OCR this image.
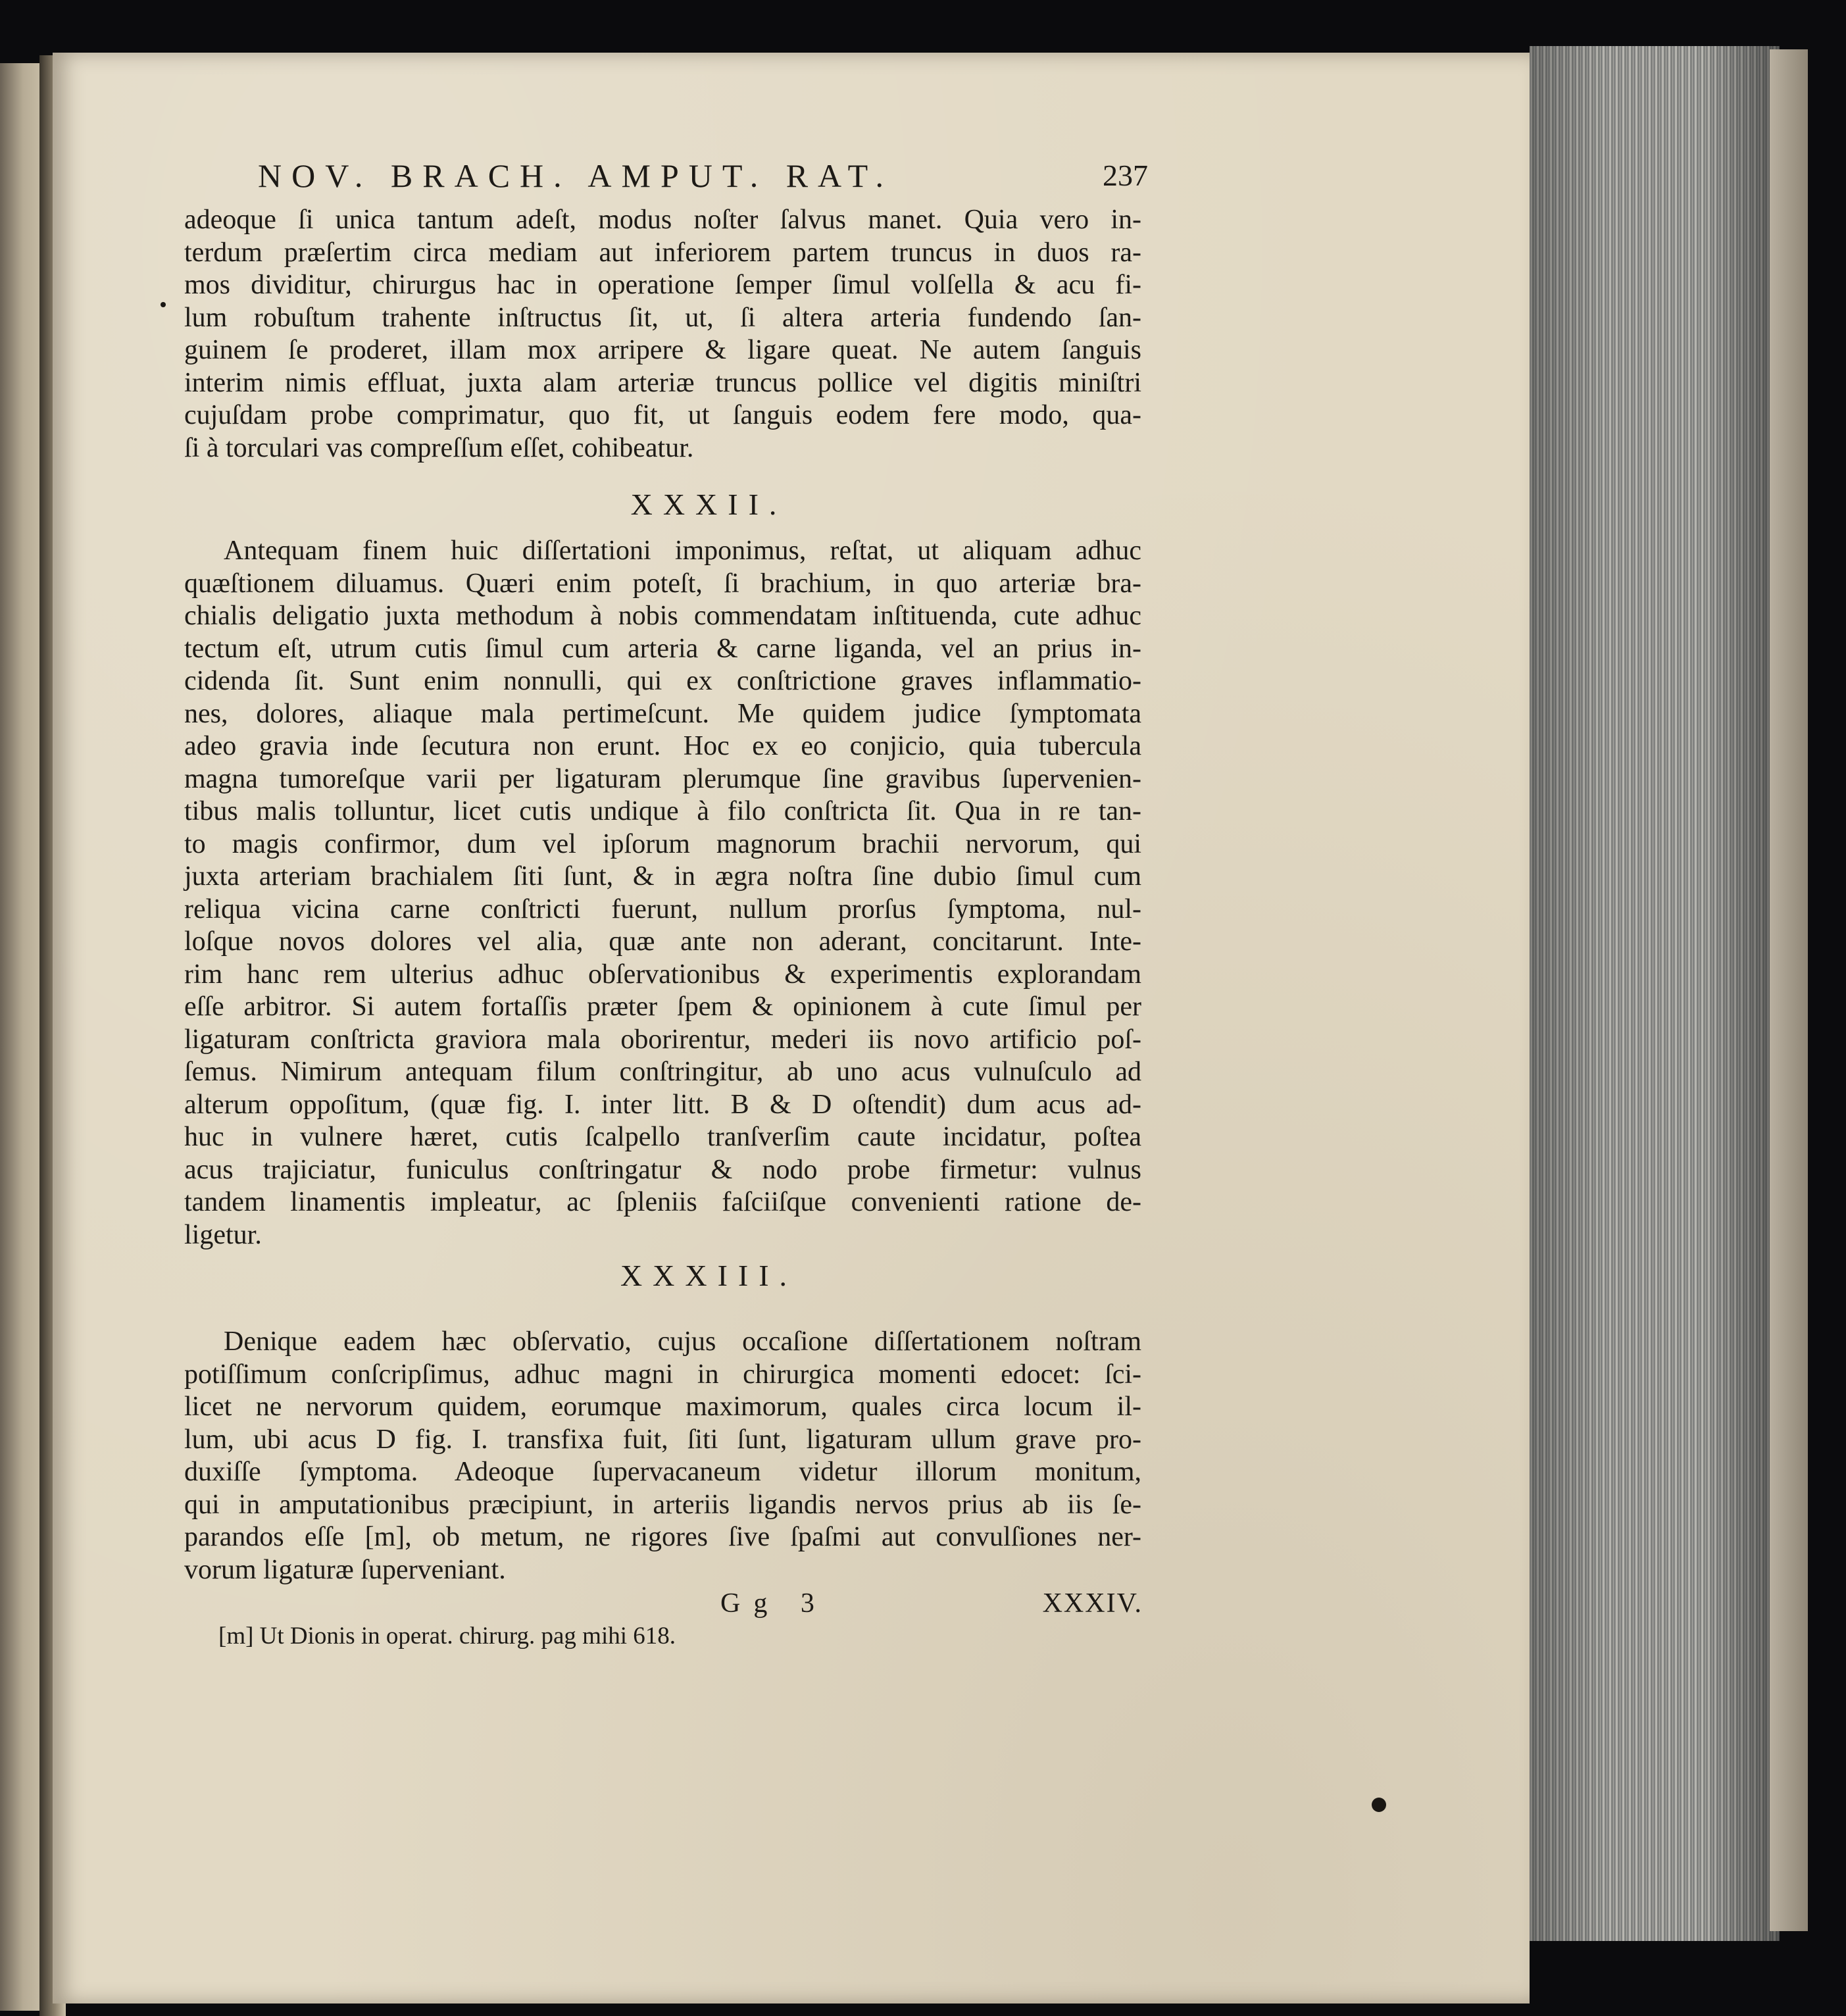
NOV. BRACH. AMPUT. RAT.	237
adeoque ſi unica tantum adeſt, modus noſter ſalvus manet. Quia vero in-
terdum præſertim circa mediam aut inferiorem partem truncus in duos ra-
mos dividitur, chirurgus hac in operatione ſemper ſimul volſella & acu fi-
lum robuſtum trahente inſtructus ſit, ut, ſi altera arteria fundendo ſan-
guinem ſe proderet, illam mox arripere & ligare queat. Ne autem ſanguis
interim nimis effluat, juxta alam arteriæ truncus pollice vel digitis miniſtri
cujuſdam probe comprimatur, quo fit, ut ſanguis eodem fere modo, qua-
ſi à torculari vas compreſſum eſſet, cohibeatur.
XXXII.
Antequam finem huic diſſertationi imponimus, reſtat, ut aliquam adhuc
quæſtionem diluamus. Quæri enim poteſt, ſi brachium, in quo arteriæ bra-
chialis deligatio juxta methodum à nobis commendatam inſtituenda, cute adhuc
tectum eſt, utrum cutis ſimul cum arteria & carne liganda, vel an prius in-
cidenda ſit. Sunt enim nonnulli, qui ex conſtrictione graves inflammatio-
nes, dolores, aliaque mala pertimeſcunt. Me quidem judice ſymptomata
adeo gravia inde ſecutura non erunt. Hoc ex eo conjicio, quia tubercula
magna tumoreſque varii per ligaturam plerumque ſine gravibus ſupervenien-
tibus malis tolluntur, licet cutis undique à filo conſtricta ſit. Qua in re tan-
to magis confirmor, dum vel ipſorum magnorum brachii nervorum, qui
juxta arteriam brachialem ſiti ſunt, & in ægra noſtra ſine dubio ſimul cum
reliqua vicina carne conſtricti fuerunt, nullum prorſus ſymptoma, nul-
loſque novos dolores vel alia, quæ ante non aderant, concitarunt. Inte-
rim hanc rem ulterius adhuc obſervationibus & experimentis explorandam
eſſe arbitror. Si autem fortaſſis præter ſpem & opinionem à cute ſimul per
ligaturam conſtricta graviora mala oborirentur, mederi iis novo artificio poſ-
ſemus. Nimirum antequam filum conſtringitur, ab uno acus vulnuſculo ad
alterum oppoſitum, (quæ fig. I. inter litt. B & D oſtendit) dum acus ad-
huc in vulnere hæret, cutis ſcalpello tranſverſim caute incidatur, poſtea
acus trajiciatur, funiculus conſtringatur & nodo probe firmetur: vulnus
tandem linamentis impleatur, ac ſpleniis faſciiſque convenienti ratione de-
ligetur.
XXXIII.
Denique eadem hæc obſervatio, cujus occaſione diſſertationem noſtram
potiſſimum conſcripſimus, adhuc magni in chirurgica momenti edocet: ſci-
licet ne nervorum quidem, eorumque maximorum, quales circa locum il-
lum, ubi acus D fig. I. transfixa fuit, ſiti ſunt, ligaturam ullum grave pro-
duxiſſe ſymptoma. Adeoque ſupervacaneum videtur illorum monitum,
qui in amputationibus præcipiunt, in arteriis ligandis nervos prius ab iis ſe-
parandos eſſe [m], ob metum, ne rigores ſive ſpaſmi aut convulſiones ner-
vorum ligaturæ ſuperveniant.
Gg 3	XXXIV.
[m] Ut Dionis in operat. chirurg. pag mihi 618.
